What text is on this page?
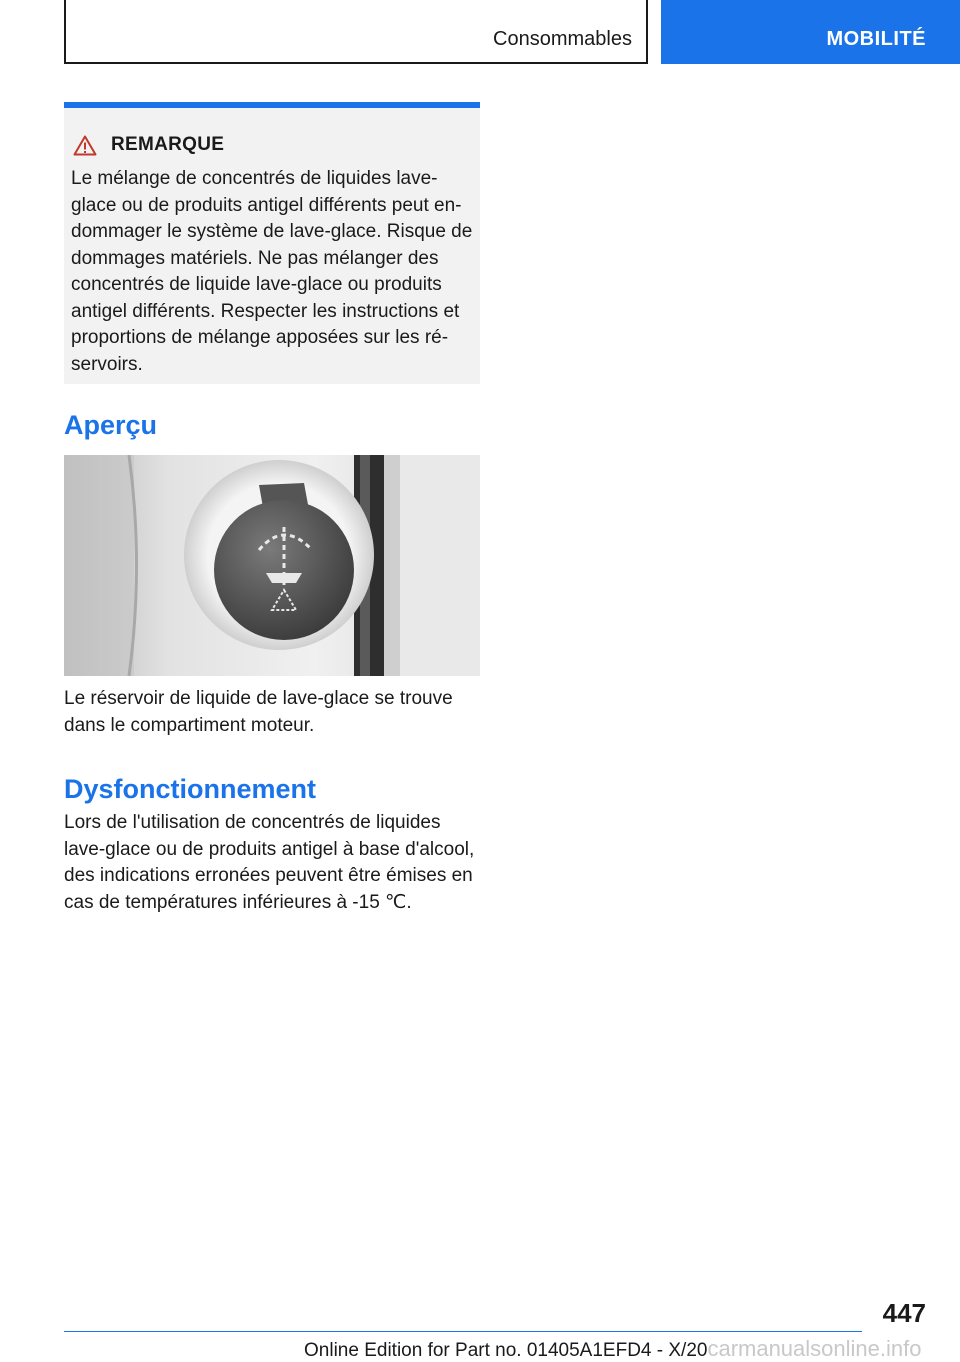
Consommables	MOBILITÉ
REMARQUE
Le mélange de concentrés de liquides lave-
glace ou de produits antigel différents peut en-
dommager le système de lave-glace. Risque de
dommages matériels. Ne pas mélanger des
concentrés de liquide lave-glace ou produits
antigel différents. Respecter les instructions et
proportions de mélange apposées sur les ré-
servoirs.
Aperçu
Le réservoir de liquide de lave-glace se trouve
dans le compartiment moteur.
Dysfonctionnement
Lors de l'utilisation de concentrés de liquides
lave-glace ou de produits antigel à base d'alcool,
des indications erronées peuvent être émises en
cas de températures inférieures à -15 ℃.
447
Online Edition for Part no. 01405A1EFD4 - X/20carmanualsonline.info
